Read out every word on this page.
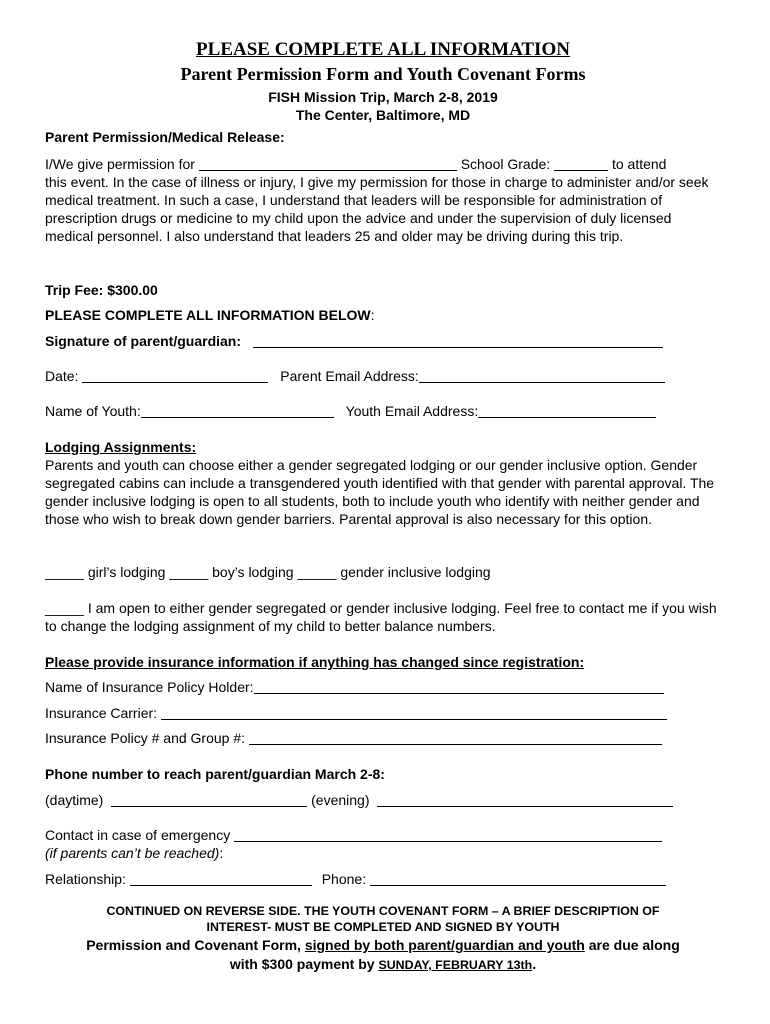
PLEASE COMPLETE ALL INFORMATION
Parent Permission Form and Youth Covenant Forms
FISH Mission Trip, March 2-8, 2019
The Center, Baltimore, MD
Parent Permission/Medical Release:
I/We give permission for	School Grade:	to attend

this event. In the case of illness or injury, I give my permission for those in charge to administer and/or seek medical treatment. In such a case, I understand that leaders will be responsible for administration of prescription drugs or medicine to my child upon the advice and under the supervision of duly licensed medical personnel. I also understand that leaders 25 and older may be driving during this trip.

Trip Fee: $300.00
PLEASE COMPLETE ALL INFORMATION BELOW:
Signature of parent/guardian:
Date:	Parent Email Address:
Name of Youth:	Youth Email Address:
Lodging Assignments:

Parents and youth can choose either a gender segregated lodging or our gender inclusive option. Gender segregated cabins can include a transgendered youth identified with that gender with parental approval. The gender inclusive lodging is open to all students, both to include youth who identify with neither gender and those who wish to break down gender barriers. Parental approval is also necessary for this option.

_____ girl’s lodging _____ boy’s lodging _____ gender inclusive lodging
_____ I am open to either gender segregated or gender inclusive lodging. Feel free to contact me if you wish to change the lodging assignment of my child to better balance numbers.
Please provide insurance information if anything has changed since registration:
Name of Insurance Policy Holder:
Insurance Carrier:
Insurance Policy # and Group #:
Phone number to reach parent/guardian March 2-8:
(daytime)	(evening)
Contact in case of emergency
(if parents can’t be reached):
Relationship:	Phone:
CONTINUED ON REVERSE SIDE. THE YOUTH COVENANT FORM – A BRIEF DESCRIPTION OF
INTEREST- MUST BE COMPLETED AND SIGNED BY YOUTH
Permission and Covenant Form, signed by both parent/guardian and youth are due along
with $300 payment by SUNDAY, FEBRUARY 13th.
